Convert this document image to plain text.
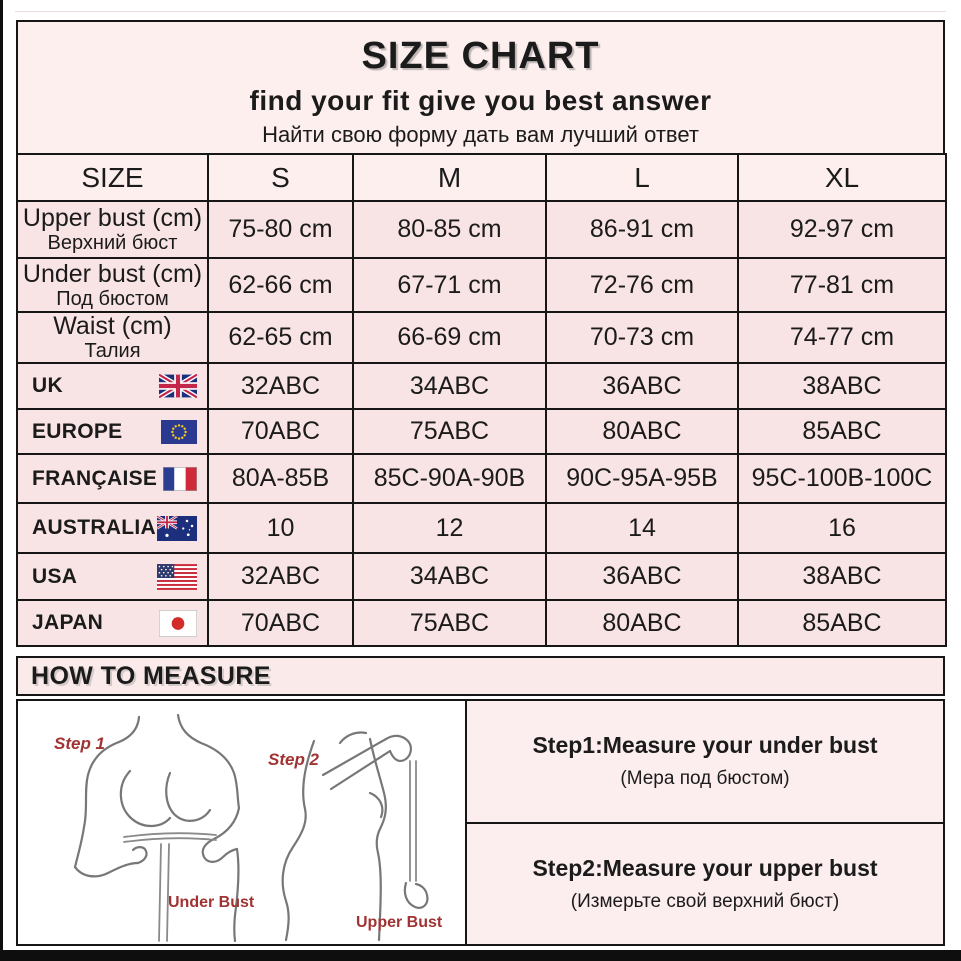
SIZE CHART
find your fit give you best answer
Найти свою форму дать вам лучший ответ
SIZE	S	M	L	XL

Upper bust (cm)
Верхний бюст	75-80 cm	80-85 cm	86-91 cm	92-97 cm

Under bust (cm)
Под бюстом	62-66 cm	67-71 cm	72-76 cm	77-81 cm

Waist (cm)
Талия	62-65 cm	66-69 cm	70-73 cm	74-77 cm

UK	32ABC	34ABC	36ABC	38ABC

EUROPE	70ABC	75ABC	80ABC	85ABC

FRANÇAISE	80A-85B	85C-90A-90B	90C-95A-95B	95C-100B-100C

AUSTRALIA	10	12	14	16

USA	32ABC	34ABC	36ABC	38ABC

JAPAN	70ABC	75ABC	80ABC	85ABC
HOW TO MEASURE
Step 1
Under Bust
Step 2
Upper Bust
Step1:Measure your under bust
(Мера под бюстом)
Step2:Measure your upper bust
(Измерьте свой верхний бюст)
